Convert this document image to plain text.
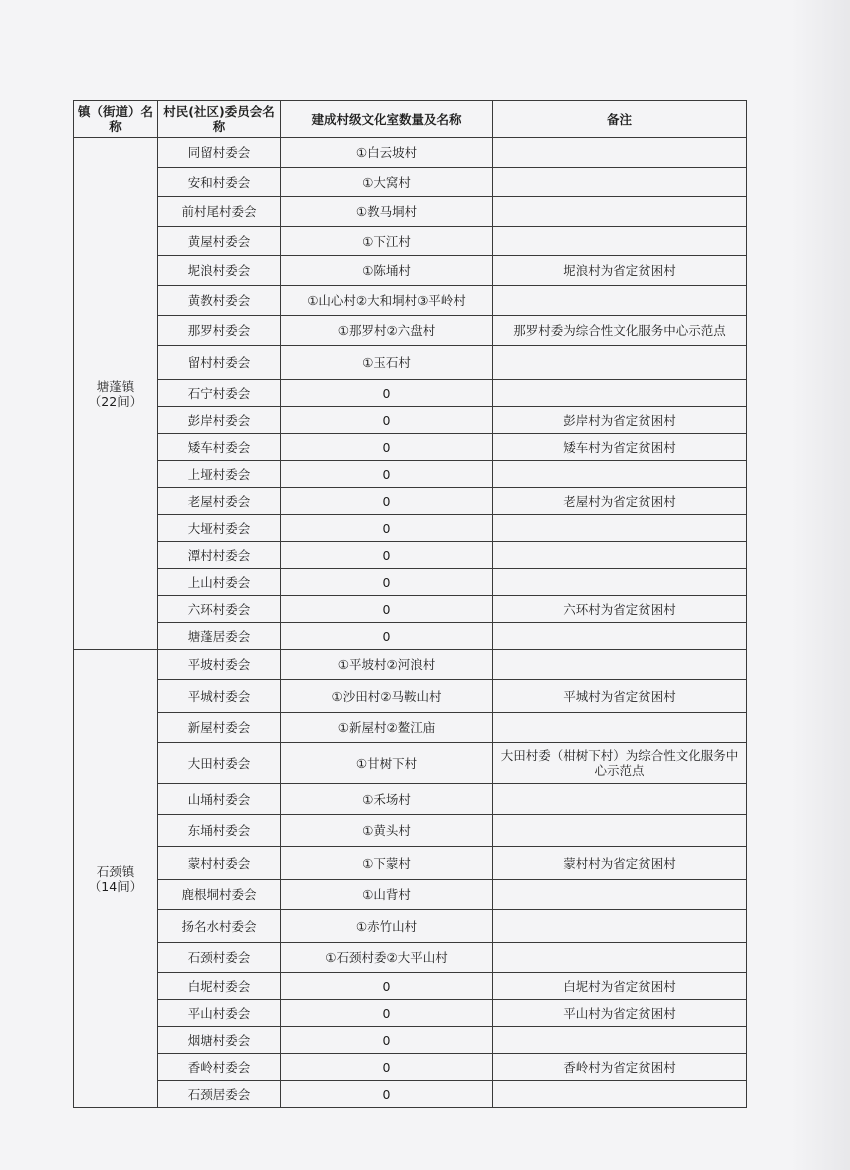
镇（街道）名称	村民(社区)委员会名称	建成村级文化室数量及名称	备注

塘蓬镇
（22间）	同留村委会	①白云坡村	
	安和村委会	①大窝村	
	前村尾村委会	①教马垌村	
	黄屋村委会	①下江村	
	坭浪村委会	①陈埇村	坭浪村为省定贫困村
	黄教村委会	①山心村②大和垌村③平岭村	
	那罗村委会	①那罗村②六盘村	那罗村委为综合性文化服务中心示范点
	留村村委会	①玉石村	
	石宁村委会	0	
	彭岸村委会	0	彭岸村为省定贫困村
	矮车村委会	0	矮车村为省定贫困村
	上垭村委会	0	
	老屋村委会	0	老屋村为省定贫困村
	大垭村委会	0	
	潭村村委会	0	
	上山村委会	0	
	六环村委会	0	六环村为省定贫困村
	塘蓬居委会	0	

石颈镇
（14间）	平坡村委会	①平坡村②河浪村	
	平城村委会	①沙田村②马鞍山村	平城村为省定贫困村
	新屋村委会	①新屋村②鳌江庙	
	大田村委会	①甘树下村	大田村委（柑树下村）为综合性文化服务中心示范点
	山埇村委会	①禾场村	
	东埇村委会	①黄头村	
	蒙村村委会	①下蒙村	蒙村村为省定贫困村
	鹿根垌村委会	①山背村	
	扬名水村委会	①赤竹山村	
	石颈村委会	①石颈村委②大平山村	
	白坭村委会	0	白坭村为省定贫困村
	平山村委会	0	平山村为省定贫困村
	烟塘村委会	0	
	香岭村委会	0	香岭村为省定贫困村
	石颈居委会	0	
